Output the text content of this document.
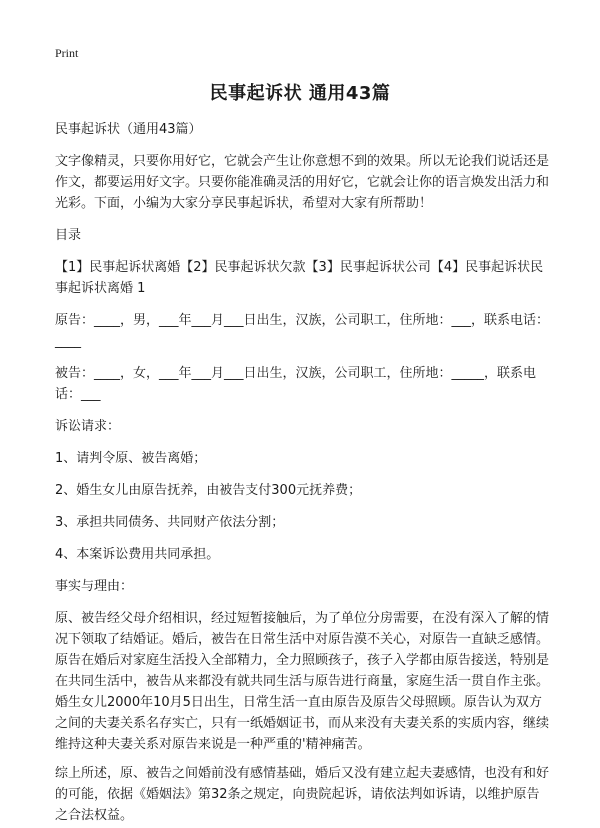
Print
民事起诉状 通用43篇

民事起诉状（通用43篇）

文字像精灵，只要你用好它，它就会产生让你意想不到的效果。所以无论我们说话还是作文，都要运用好文字。只要你能准确灵活的用好它，它就会让你的语言焕发出活力和光彩。下面，小编为大家分享民事起诉状，希望对大家有所帮助！

目录

【1】民事起诉状离婚【2】民事起诉状欠款【3】民事起诉状公司【4】民事起诉状民事起诉状离婚 1

原告：____，男，___年___月___日出生，汉族，公司职工，住所地：___，联系电话：____

被告：____，女，___年___月___日出生，汉族，公司职工，住所地：_____，联系电话：___

诉讼请求：

1、请判令原、被告离婚；

2、婚生女儿由原告抚养，由被告支付300元抚养费；

3、承担共同债务、共同财产依法分割；

4、本案诉讼费用共同承担。

事实与理由：

原、被告经父母介绍相识，经过短暂接触后，为了单位分房需要，在没有深入了解的情况下领取了结婚证。婚后，被告在日常生活中对原告漠不关心，对原告一直缺乏感情。原告在婚后对家庭生活投入全部精力，全力照顾孩子，孩子入学都由原告接送，特别是在共同生活中，被告从来都没有就共同生活与原告进行商量，家庭生活一贯自作主张。婚生女儿2000年10月5日出生，日常生活一直由原告及原告父母照顾。原告认为双方之间的夫妻关系名存实亡，只有一纸婚姻证书，而从来没有夫妻关系的实质内容，继续维持这种夫妻关系对原告来说是一种严重的'精神痛苦。

综上所述，原、被告之间婚前没有感情基础，婚后又没有建立起夫妻感情，也没有和好的可能，依据《婚姻法》第32条之规定，向贵院起诉，请依法判如诉请，以维护原告之合法权益。
